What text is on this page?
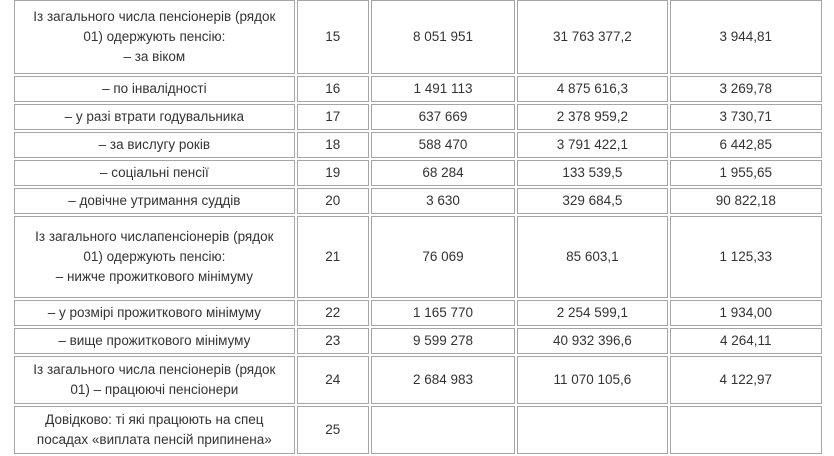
Із загального числа пенсіонерів (рядок
01) одержують пенсію:
– за віком	15	8 051 951	31 763 377,2	3 944,81

– по інвалідності	16	1 491 113	4 875 616,3	3 269,78

– у разі втрати годувальника	17	637 669	2 378 959,2	3 730,71

– за вислугу років	18	588 470	3 791 422,1	6 442,85

– соціальні пенсії	19	68 284	133 539,5	1 955,65

– довічне утримання суддів	20	3 630	329 684,5	90 822,18

Із загального числапенсіонерів (рядок
01) одержують пенсію:
– нижче прожиткового мінімуму	21	76 069	85 603,1	1 125,33

– у розмірі прожиткового мінімуму	22	1 165 770	2 254 599,1	1 934,00

– вище прожиткового мінімуму	23	9 599 278	40 932 396,6	4 264,11

Із загального числа пенсіонерів (рядок
01) – працюючі пенсіонери	24	2 684 983	11 070 105,6	4 122,97

Довідково: ті які працюють на спец
посадах «виплата пенсій припинена»	25			
